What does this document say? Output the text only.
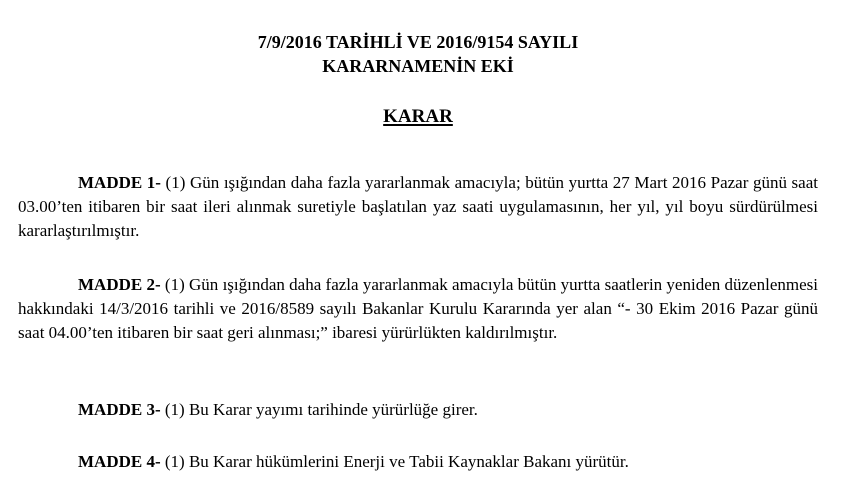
7/9/2016 TARİHLİ VE 2016/9154 SAYILI
KARARNAMENİN EKİ
KARAR

MADDE 1- (1) Gün ışığından daha fazla yararlanmak amacıyla; bütün yurtta 27 Mart 2016 Pazar günü saat 03.00’ten itibaren bir saat ileri alınmak suretiyle başlatılan yaz saati uygulamasının, her yıl, yıl boyu sürdürülmesi kararlaştırılmıştır.

MADDE 2- (1) Gün ışığından daha fazla yararlanmak amacıyla bütün yurtta saatlerin yeniden düzenlenmesi hakkındaki 14/3/2016 tarihli ve 2016/8589 sayılı Bakanlar Kurulu Kararında yer alan “- 30 Ekim 2016 Pazar günü saat 04.00’ten itibaren bir saat geri alınması;” ibaresi yürürlükten kaldırılmıştır.

MADDE 3- (1) Bu Karar yayımı tarihinde yürürlüğe girer.

MADDE 4- (1) Bu Karar hükümlerini Enerji ve Tabii Kaynaklar Bakanı yürütür.
